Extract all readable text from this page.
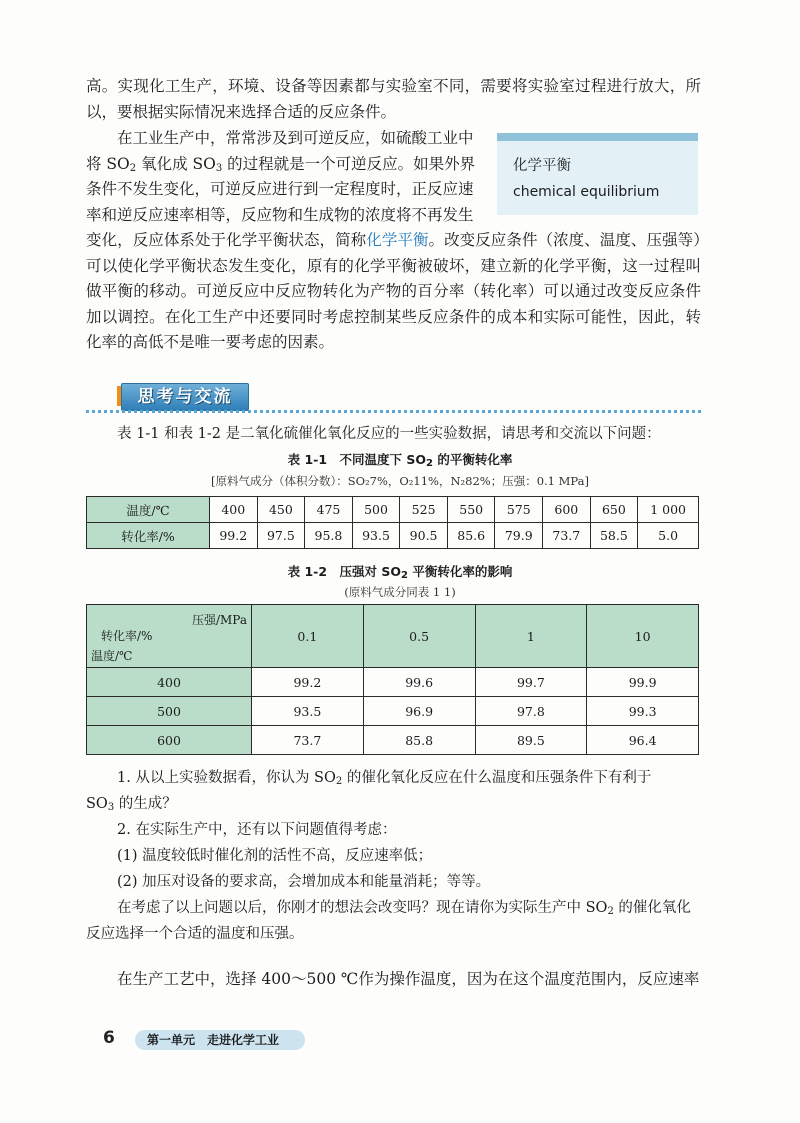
高。实现化工生产，环境、设备等因素都与实验室不同，需要将实验室过程进行放大，所以，要根据实际情况来选择合适的反应条件。

在工业生产中，常常涉及到可逆反应，如硫酸工业中

将 $SO_2$ 氧化成 $SO_3$ 的过程就是一个可逆反应。如果外界

条件不发生变化，可逆反应进行到一定程度时，正反应速

率和逆反应速率相等，反应物和生成物的浓度将不再发生

变化，反应体系处于化学平衡状态，简称化学平衡。改变反应条件（浓度、温度、压强等）可以使化学平衡状态发生变化，原有的化学平衡被破坏，建立新的化学平衡，这一过程叫做平衡的移动。可逆反应中反应物转化为产物的百分率（转化率）可以通过改变反应条件加以调控。在化工生产中还要同时考虑控制某些反应条件的成本和实际可能性，因此，转化率的高低不是唯一要考虑的因素。

化学平衡
chemical equilibrium
思考与交流
表 1-1 和表 1-2 是二氧化硫催化氧化反应的一些实验数据，请思考和交流以下问题：
表 1-1　不同温度下 $SO_2$ 的平衡转化率
[原料气成分（体积分数）：SO₂7%，O₂11%，N₂82%；压强：0.1 MPa]
温度/℃	400	450	475	500	525	550	575	600	650	1 000
转化率/%	99.2	97.5	95.8	93.5	90.5	85.6	79.9	73.7	58.5	5.0
表 1-2　压强对 $SO_2$ 平衡转化率的影响
(原料气成分同表 1 1)
压强/MPa
转化率/%
温度/℃	0.1	0.5	1	10
400	99.2	99.6	99.7	99.9
500	93.5	96.9	97.8	99.3
600	73.7	85.8	89.5	96.4

1. 从以上实验数据看，你认为 $SO_2$ 的催化氧化反应在什么温度和压强条件下有利于

$SO_3$ 的生成？

2. 在实际生产中，还有以下问题值得考虑：

(1) 温度较低时催化剂的活性不高，反应速率低；

(2) 加压对设备的要求高，会增加成本和能量消耗；等等。

在考虑了以上问题以后，你刚才的想法会改变吗？现在请你为实际生产中 $SO_2$ 的催化氧化反应选择一个合适的温度和压强。

在生产工艺中，选择 400～500 ℃作为操作温度，因为在这个温度范围内，反应速率

6	第一单元　走进化学工业
